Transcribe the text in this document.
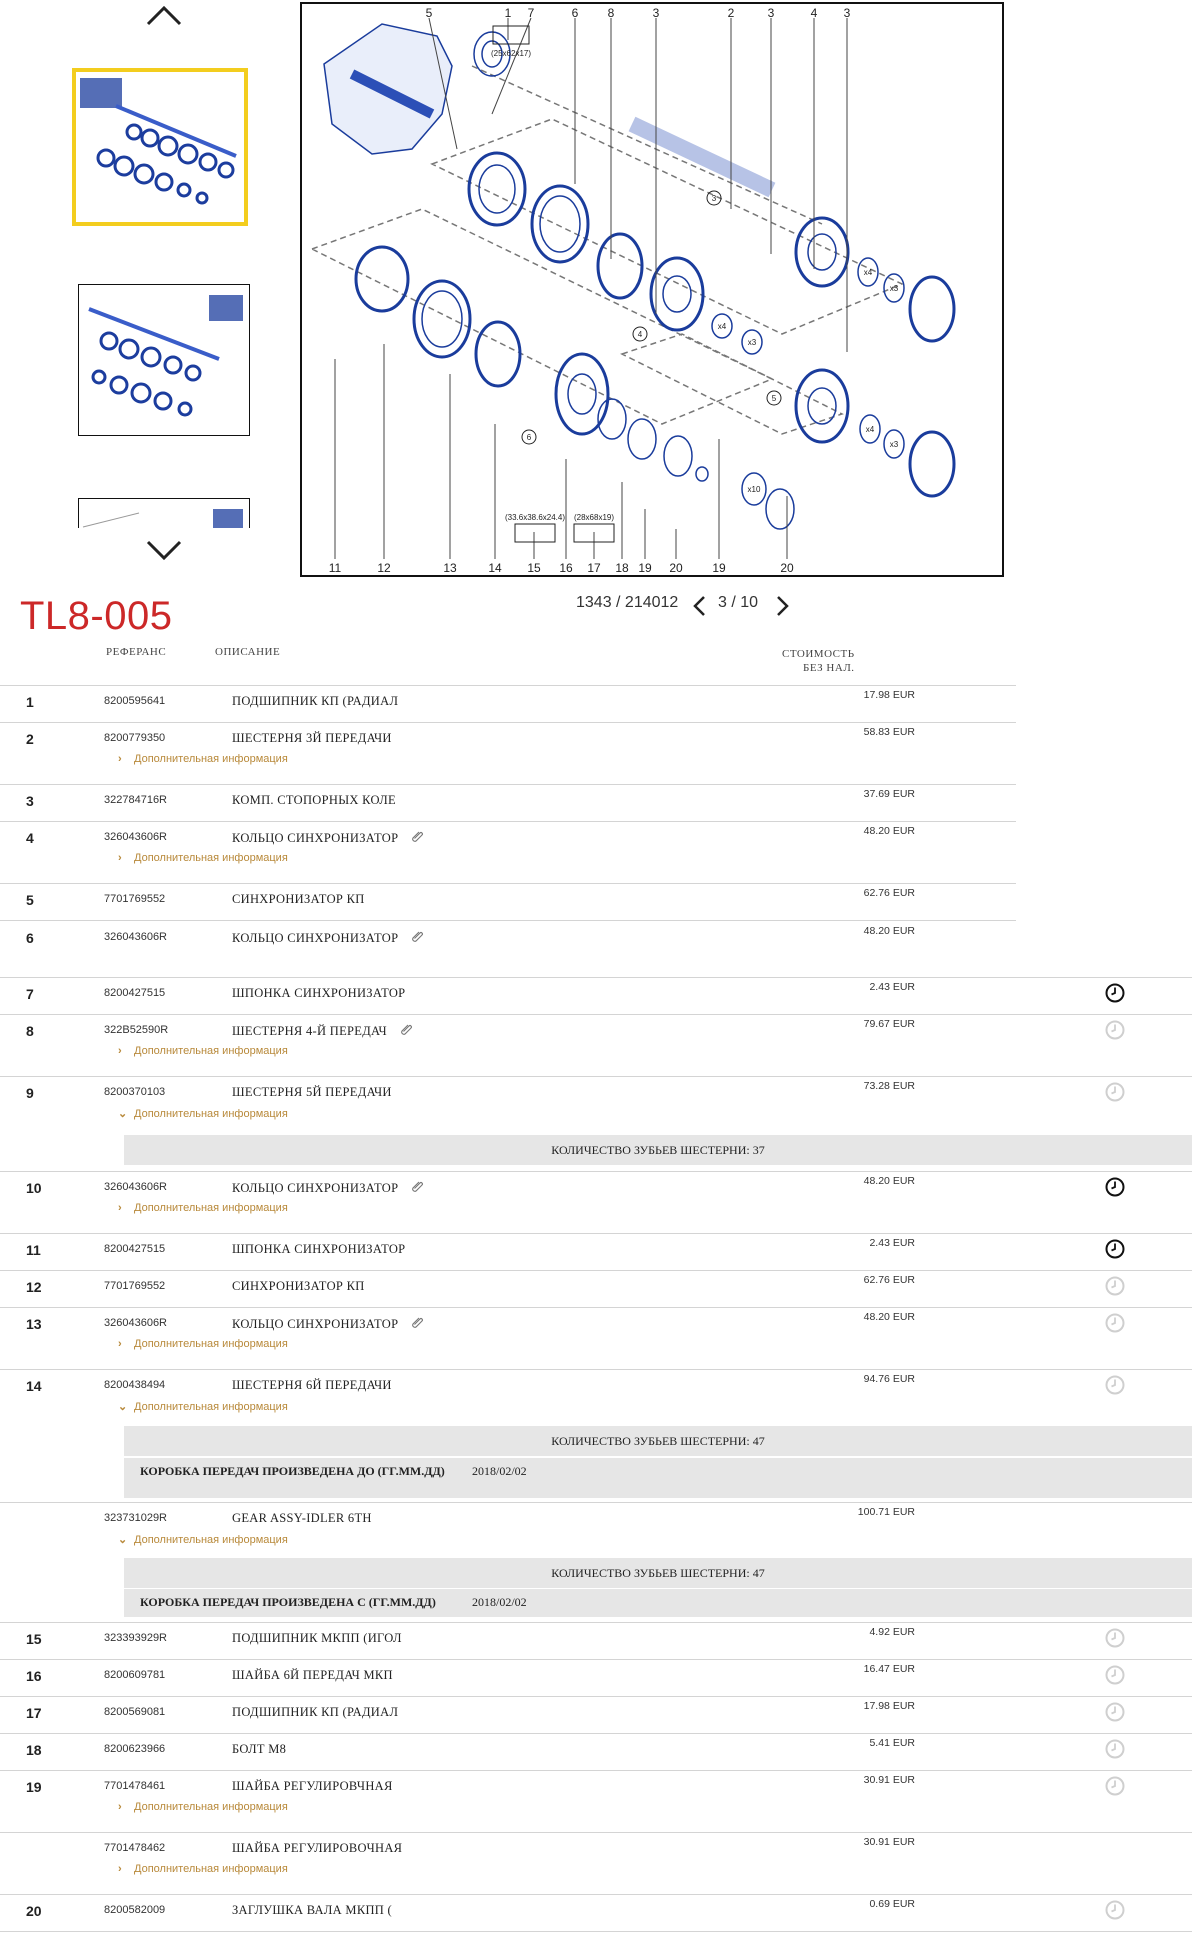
5	1 7	6 8	3	2	3	4 3
11	12	13	14 15 16 17 18 19 20 19	20
(25x62x17)
(33.6x38.6x24.4) (28x68x19)
3
4
5
6
x4
x3
x4
x3
x4
x3
x10
1343 / 214012 3 / 10
TL8-005
РЕФЕРАНС	ОПИСАНИЕ	СТОИМОСТЬ
БЕЗ НАЛ.
1	8200595641	ПОДШИПНИК КП (РАДИАЛ	17.98 EUR
2	8200779350	ШЕСТЕРНЯ 3Й ПЕРЕДАЧИ	58.83 EUR
› Дополнительная информация
3	322784716R	КОМП. СТОПОРНЫХ КОЛЕ	37.69 EUR
4	326043606R	КОЛЬЦО СИНХРОНИЗАТОР	48.20 EUR
› Дополнительная информация
5	7701769552	СИНХРОНИЗАТОР КП	62.76 EUR
6	326043606R	КОЛЬЦО СИНХРОНИЗАТОР	48.20 EUR
7	8200427515	ШПОНКА СИНХРОНИЗАТОР	2.43 EUR
8	322B52590R	ШЕСТЕРНЯ 4-Й ПЕРЕДАЧ	79.67 EUR
› Дополнительная информация
9	8200370103	ШЕСТЕРНЯ 5Й ПЕРЕДАЧИ	73.28 EUR
⌄ Дополнительная информация
КОЛИЧЕСТВО ЗУБЬЕВ ШЕСТЕРНИ: 37
10	326043606R	КОЛЬЦО СИНХРОНИЗАТОР	48.20 EUR
› Дополнительная информация
11	8200427515	ШПОНКА СИНХРОНИЗАТОР	2.43 EUR
12	7701769552	СИНХРОНИЗАТОР КП	62.76 EUR
13	326043606R	КОЛЬЦО СИНХРОНИЗАТОР	48.20 EUR
› Дополнительная информация
14	8200438494	ШЕСТЕРНЯ 6Й ПЕРЕДАЧИ	94.76 EUR
⌄ Дополнительная информация
КОЛИЧЕСТВО ЗУБЬЕВ ШЕСТЕРНИ: 47
КОРОБКА ПЕРЕДАЧ ПРОИЗВЕДЕНА ДО (ГГ.ММ.ДД)	2018/02/02
323731029R	GEAR ASSY-IDLER 6TH	100.71 EUR
⌄ Дополнительная информация
КОЛИЧЕСТВО ЗУБЬЕВ ШЕСТЕРНИ: 47
КОРОБКА ПЕРЕДАЧ ПРОИЗВЕДЕНА С (ГГ.ММ.ДД)	2018/02/02
15	323393929R	ПОДШИПНИК МКПП (ИГОЛ	4.92 EUR
16	8200609781	ШАЙБА 6Й ПЕРЕДАЧ МКП	16.47 EUR
17	8200569081	ПОДШИПНИК КП (РАДИАЛ	17.98 EUR
18	8200623966	БОЛТ М8	5.41 EUR
19	7701478461	ШАЙБА РЕГУЛИРОВЧНАЯ	30.91 EUR
› Дополнительная информация
7701478462	ШАЙБА РЕГУЛИРОВОЧНАЯ	30.91 EUR
› Дополнительная информация
20	8200582009	ЗАГЛУШКА ВАЛА МКПП (	0.69 EUR
